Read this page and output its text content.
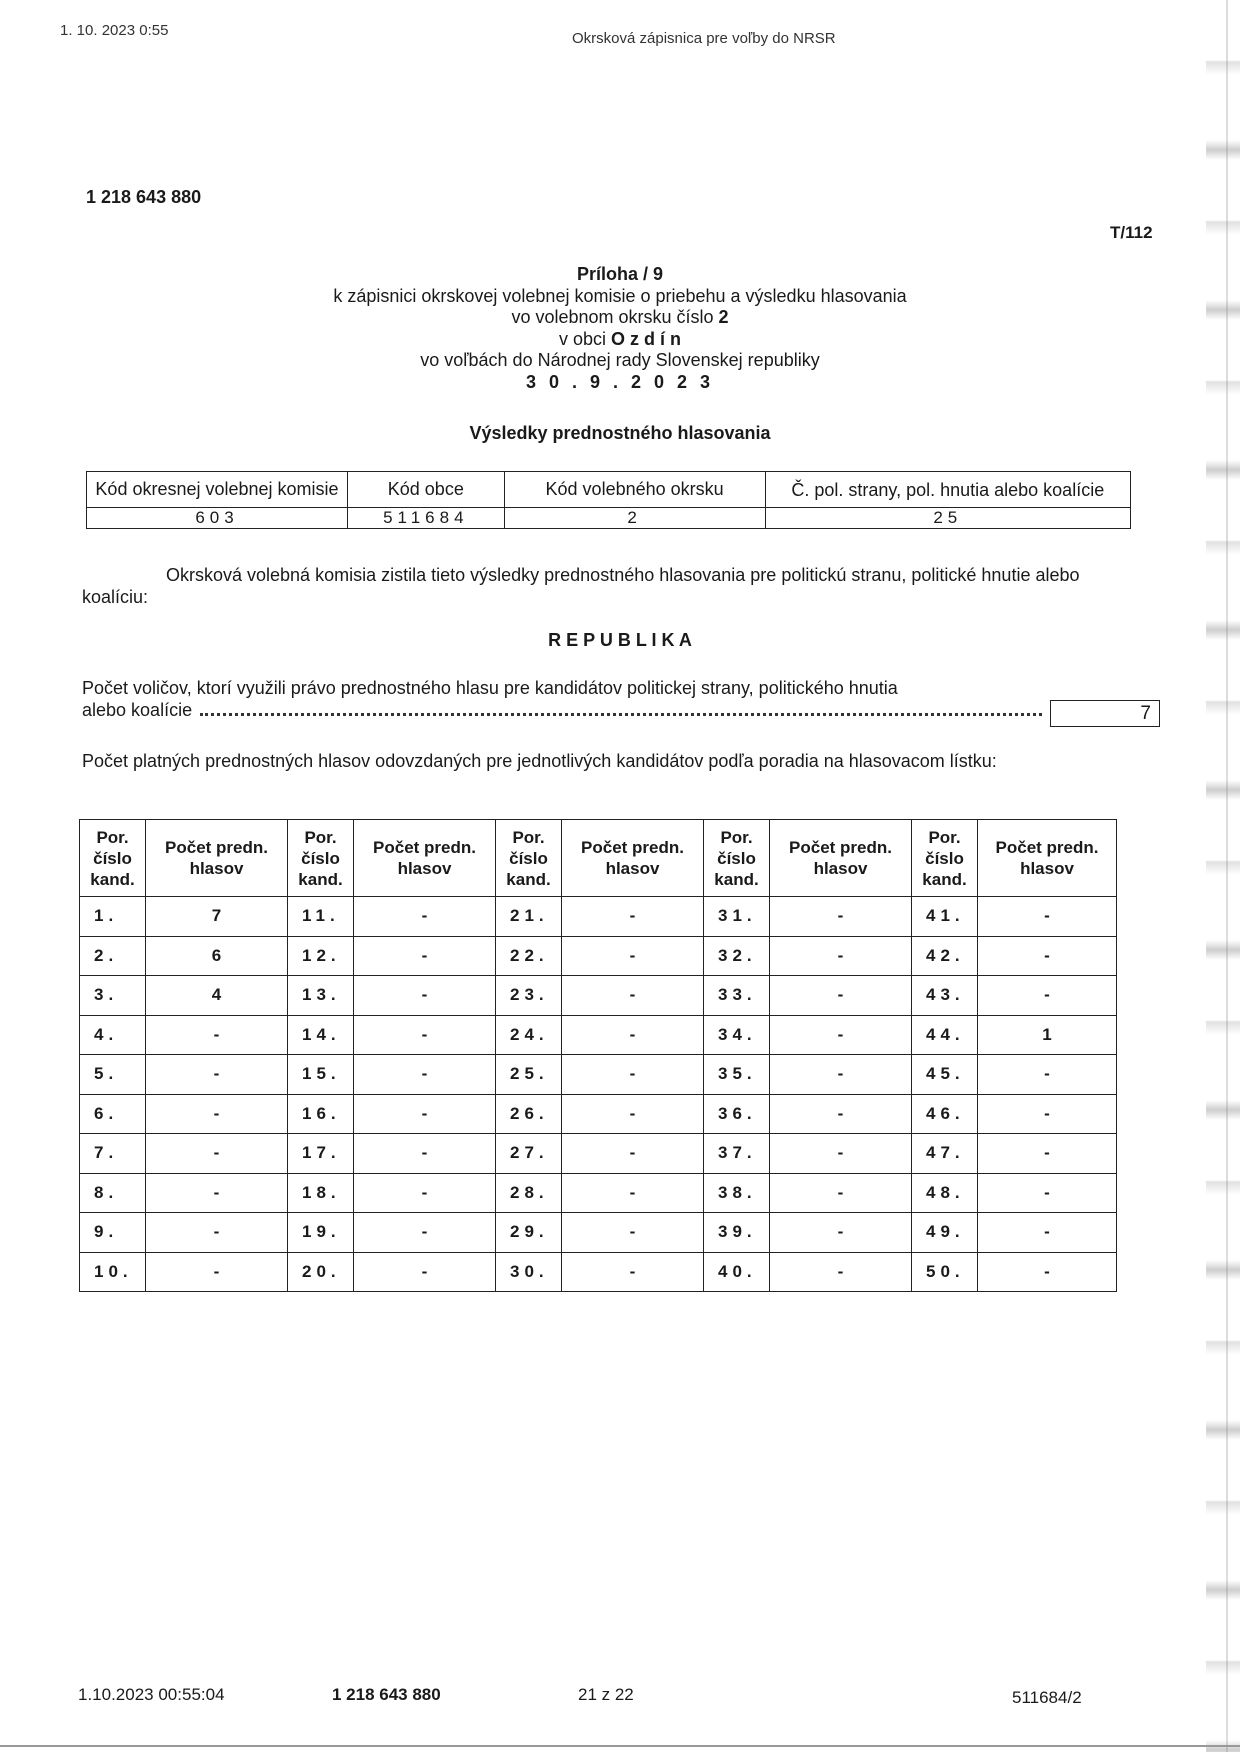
1. 10. 2023 0:55	Okrsková zápisnica pre voľby do NRSR
1 218 643 880
T/112
Príloha / 9
k zápisnici okrskovej volebnej komisie o priebehu a výsledku hlasovania
vo volebnom okrsku číslo 2
v obci O z d í n
vo voľbách do Národnej rady Slovenskej republiky
3 0 . 9 . 2 0 2 3
Výsledky prednostného hlasovania
Kód okresnej volebnej komisie	Kód obce	Kód volebného okrsku	Č. pol. strany, pol. hnutia alebo koalície
603	511684	2	25
Okrsková volebná komisia zistila tieto výsledky prednostného hlasovania pre politickú stranu, politické hnutie alebo koalíciu:
R E P U B L I K A
Počet voličov, ktorí využili právo prednostného hlasu pre kandidátov politickej strany, politického hnutia
alebo koalície	7
Počet platných prednostných hlasov odovzdaných pre jednotlivých kandidátov podľa poradia na hlasovacom lístku:
Por. číslo kand.	Počet predn. hlasov	Por. číslo kand.	Počet predn. hlasov	Por. číslo kand.	Počet predn. hlasov	Por. číslo kand.	Počet predn. hlasov	Por. číslo kand.	Počet predn. hlasov
1.	7	11.	-	21.	-	31.	-	41.	-
2.	6	12.	-	22.	-	32.	-	42.	-
3.	4	13.	-	23.	-	33.	-	43.	-
4.	-	14.	-	24.	-	34.	-	44.	1
5.	-	15.	-	25.	-	35.	-	45.	-
6.	-	16.	-	26.	-	36.	-	46.	-
7.	-	17.	-	27.	-	37.	-	47.	-
8.	-	18.	-	28.	-	38.	-	48.	-
9.	-	19.	-	29.	-	39.	-	49.	-
10.	-	20.	-	30.	-	40.	-	50.	-
1.10.2023 00:55:04	1 218 643 880	21 z 22	511684/2
